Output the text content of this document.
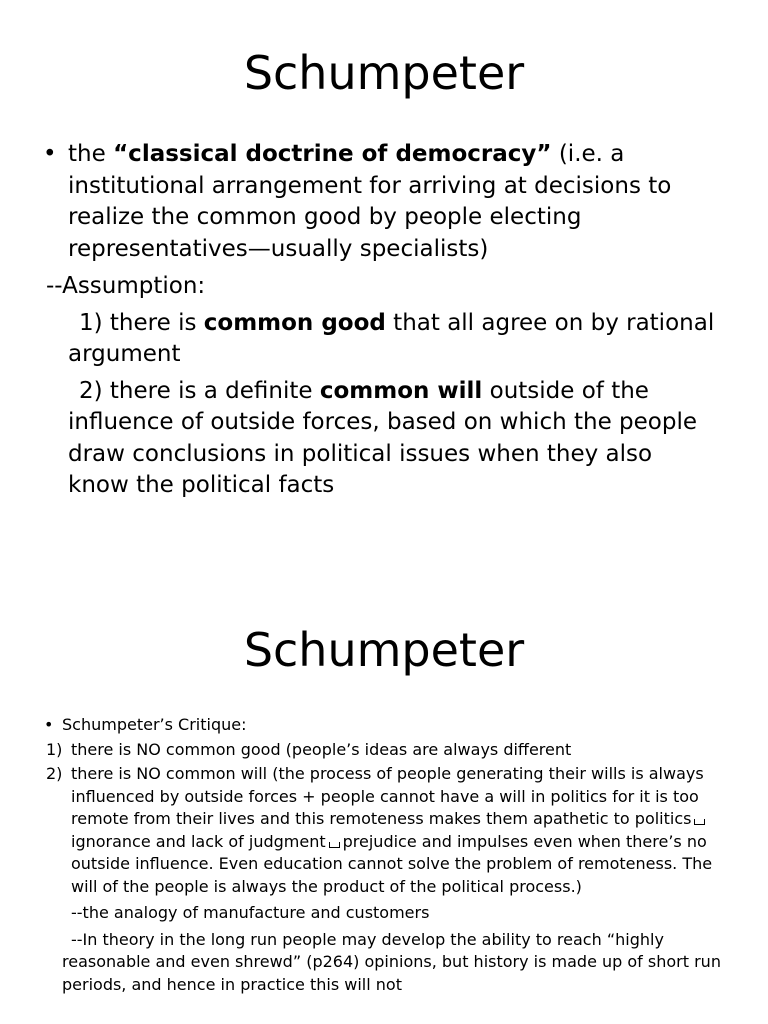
Schumpeter

• the “classical doctrine of democracy” (i.e. a institutional arrangement for arriving at decisions to realize the common good by people electing representatives—usually specialists)

--Assumption:

1) there is common good that all agree on by rational argument

2) there is a definite common will outside of the influence of outside forces, based on which the people draw conclusions in political issues when they also know the political facts

Schumpeter

• Schumpeter’s Critique:

1) there is NO common good (people’s ideas are always different

2) there is NO common will (the process of people generating their wills is always influenced by outside forces + people cannot have a will in politics for it is too remote from their lives and this remoteness makes them apathetic to politicsignorance and lack of judgment prejudice and impulses even when there’s no outside influence. Even education cannot solve the problem of remoteness. The will of the people is always the product of the political process.)

--the analogy of manufacture and customers

--In theory in the long run people may develop the ability to reach “highly reasonable and even shrewd” (p264) opinions, but history is made up of short run periods, and hence in practice this will not
